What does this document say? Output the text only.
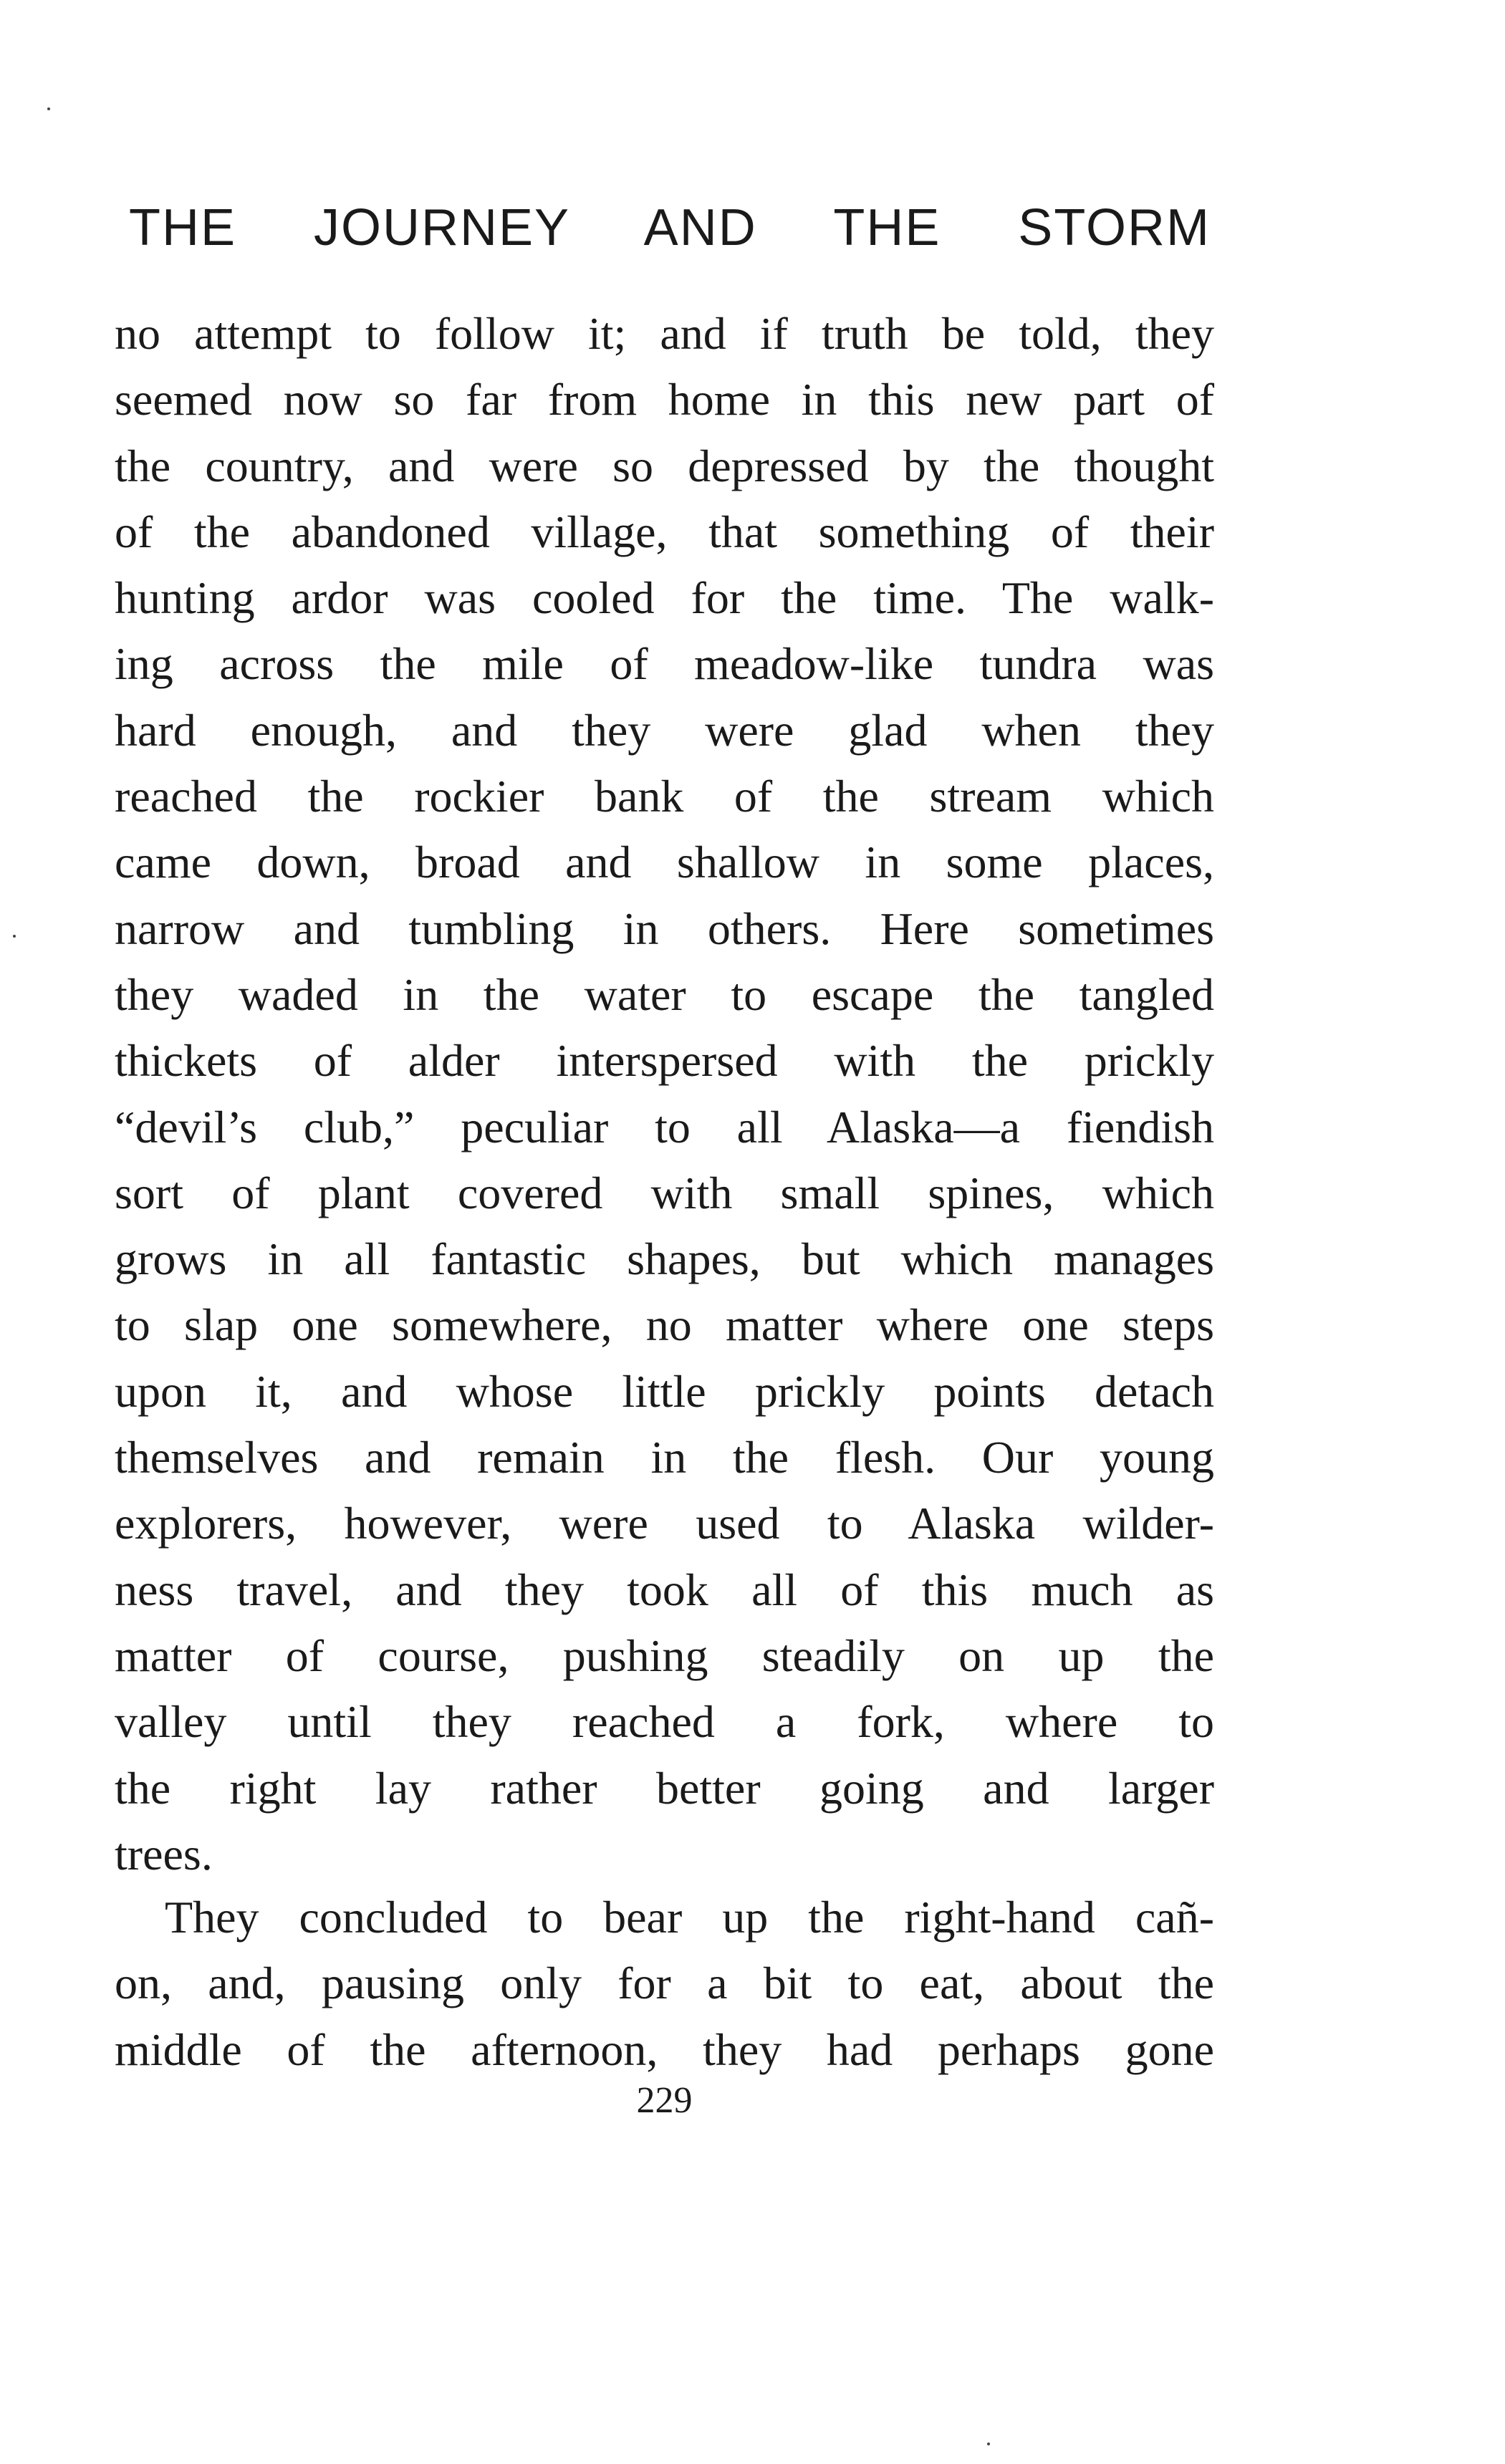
THE JOURNEY AND THE STORM
no attempt to follow it; and if truth be told, they
seemed now so far from home in this new part of
the country, and were so depressed by the thought
of the abandoned village, that something of their
hunting ardor was cooled for the time. The walk-
ing across the mile of meadow-like tundra was
hard enough, and they were glad when they
reached the rockier bank of the stream which
came down, broad and shallow in some places,
narrow and tumbling in others. Here sometimes
they waded in the water to escape the tangled
thickets of alder interspersed with the prickly
“devil’s club,” peculiar to all Alaska—a fiendish
sort of plant covered with small spines, which
grows in all fantastic shapes, but which manages
to slap one somewhere, no matter where one steps
upon it, and whose little prickly points detach
themselves and remain in the flesh. Our young
explorers, however, were used to Alaska wilder-
ness travel, and they took all of this much as
matter of course, pushing steadily on up the
valley until they reached a fork, where to
the right lay rather better going and larger
trees.
They concluded to bear up the right-hand cañ-
on, and, pausing only for a bit to eat, about the
middle of the afternoon, they had perhaps gone
229
